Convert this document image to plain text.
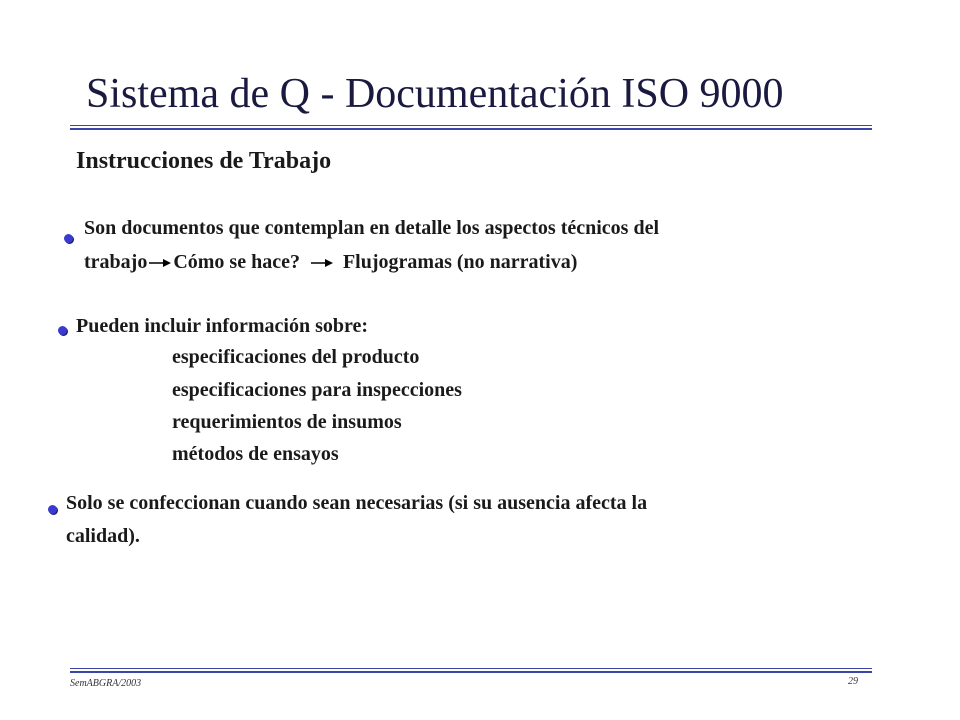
Sistema de Q - Documentación ISO 9000
Instrucciones de Trabajo
Son documentos que contemplan en detalle los aspectos técnicos del
trabajo Cómo se hace? Flujogramas (no narrativa)
Pueden incluir información sobre:
especificaciones del producto
especificaciones para inspecciones
requerimientos de insumos
métodos de ensayos
Solo se confeccionan cuando sean necesarias (si su ausencia afecta la
calidad).
SemABGRA/2003	29
